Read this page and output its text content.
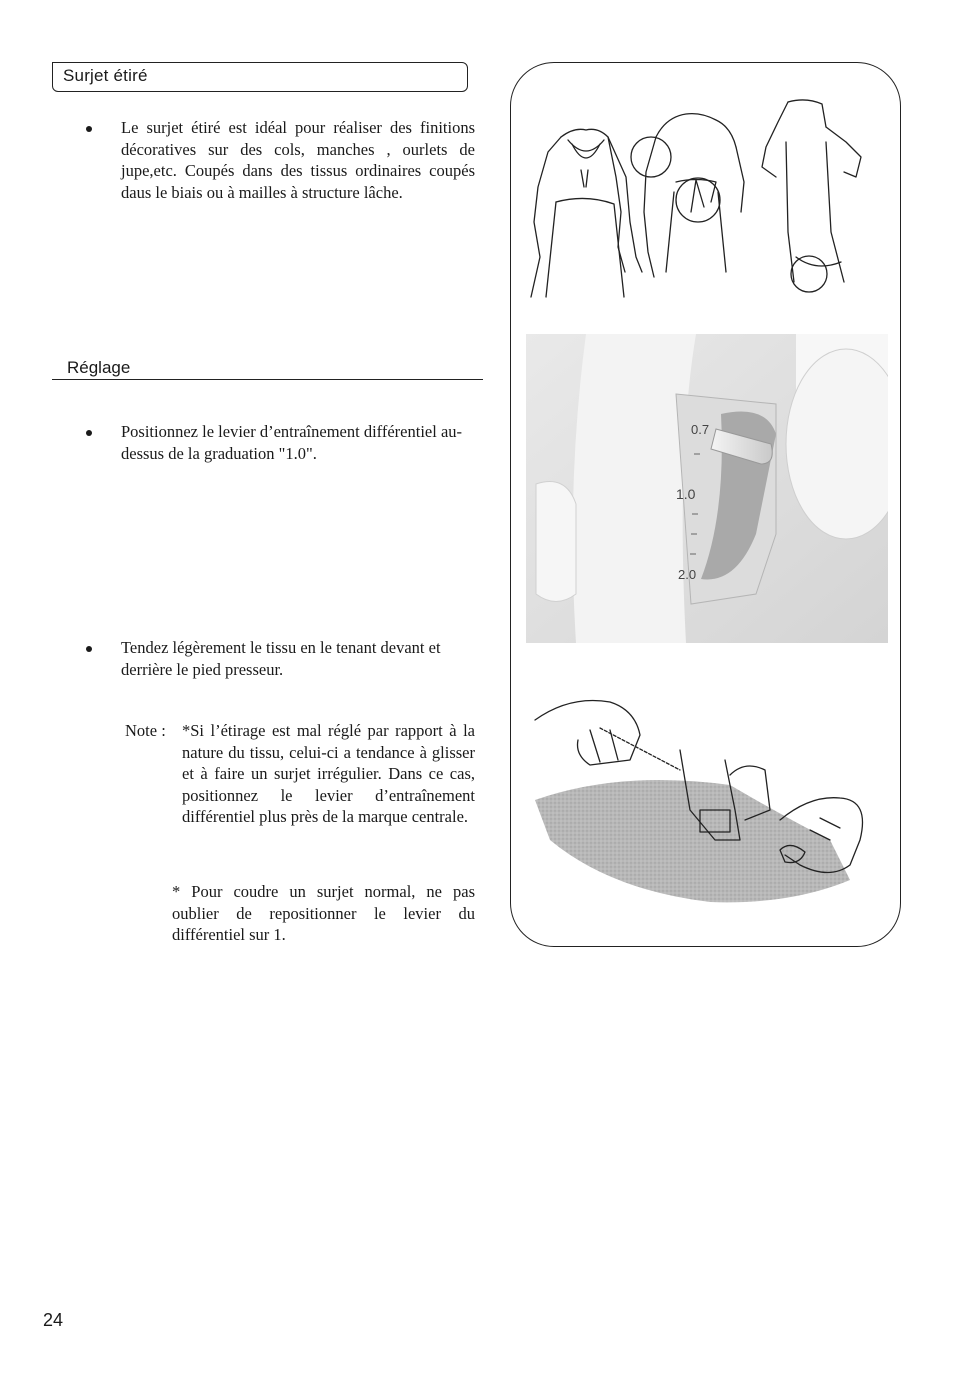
Surjet étiré
Le surjet étiré est idéal pour réaliser des finitions décoratives sur des cols, manches , ourlets de jupe,etc. Coupés dans des tissus ordinaires coupés daus le biais ou à mailles à structure lâche.
Réglage
Positionnez le levier d’entraînement différentiel au-dessus de la graduation "1.0".
Tendez légèrement le tissu en le tenant devant et derrière le pied presseur.
Note : *Si l’étirage est mal réglé par rapport à la nature du tissu, celui-ci a tendance à glisser et à faire un surjet irrégulier. Dans ce cas, positionnez le levier d’entraînement différentiel plus près de la marque centrale.
* Pour coudre un surjet normal, ne pas oublier de repositionner le levier du différentiel sur 1.
24
0.7
1.0
2.0
